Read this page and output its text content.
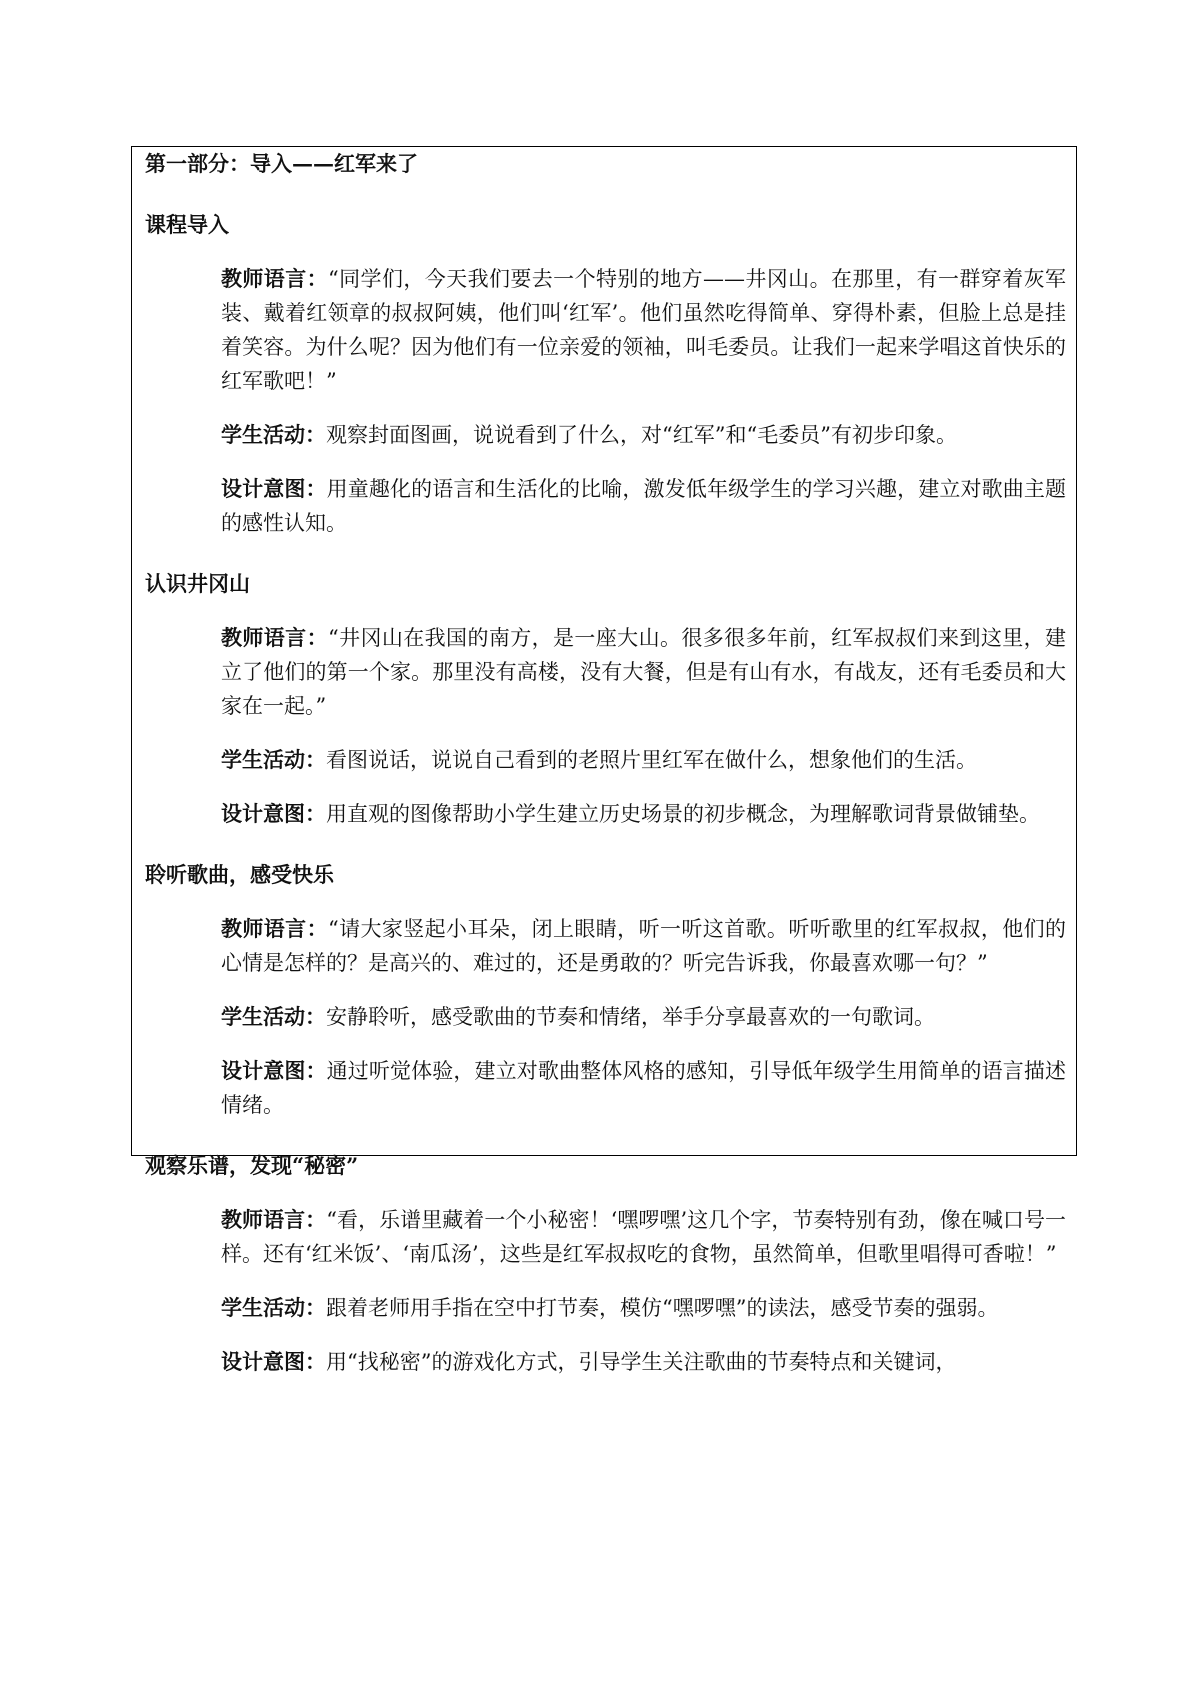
第一部分：导入——红军来了
课程导入
教师语言：“同学们，今天我们要去一个特别的地方——井冈山。在那里，有一群穿着灰军装、戴着红领章的叔叔阿姨，他们叫‘红军’。他们虽然吃得简单、穿得朴素，但脸上总是挂着笑容。为什么呢？因为他们有一位亲爱的领袖，叫毛委员。让我们一起来学唱这首快乐的红军歌吧！”
学生活动：观察封面图画，说说看到了什么，对“红军”和“毛委员”有初步印象。
设计意图：用童趣化的语言和生活化的比喻，激发低年级学生的学习兴趣，建立对歌曲主题的感性认知。
认识井冈山
教师语言：“井冈山在我国的南方，是一座大山。很多很多年前，红军叔叔们来到这里，建立了他们的第一个家。那里没有高楼，没有大餐，但是有山有水，有战友，还有毛委员和大家在一起。”
学生活动：看图说话，说说自己看到的老照片里红军在做什么，想象他们的生活。
设计意图：用直观的图像帮助小学生建立历史场景的初步概念，为理解歌词背景做铺垫。
聆听歌曲，感受快乐
教师语言：“请大家竖起小耳朵，闭上眼睛，听一听这首歌。听听歌里的红军叔叔，他们的心情是怎样的？是高兴的、难过的，还是勇敢的？听完告诉我，你最喜欢哪一句？”
学生活动：安静聆听，感受歌曲的节奏和情绪，举手分享最喜欢的一句歌词。
设计意图：通过听觉体验，建立对歌曲整体风格的感知，引导低年级学生用简单的语言描述情绪。
观察乐谱，发现“秘密”
教师语言：“看，乐谱里藏着一个小秘密！‘嘿啰嘿’这几个字，节奏特别有劲，像在喊口号一样。还有‘红米饭’、‘南瓜汤’，这些是红军叔叔吃的食物，虽然简单，但歌里唱得可香啦！”
学生活动：跟着老师用手指在空中打节奏，模仿“嘿啰嘿”的读法，感受节奏的强弱。
设计意图：用“找秘密”的游戏化方式，引导学生关注歌曲的节奏特点和关键词，
